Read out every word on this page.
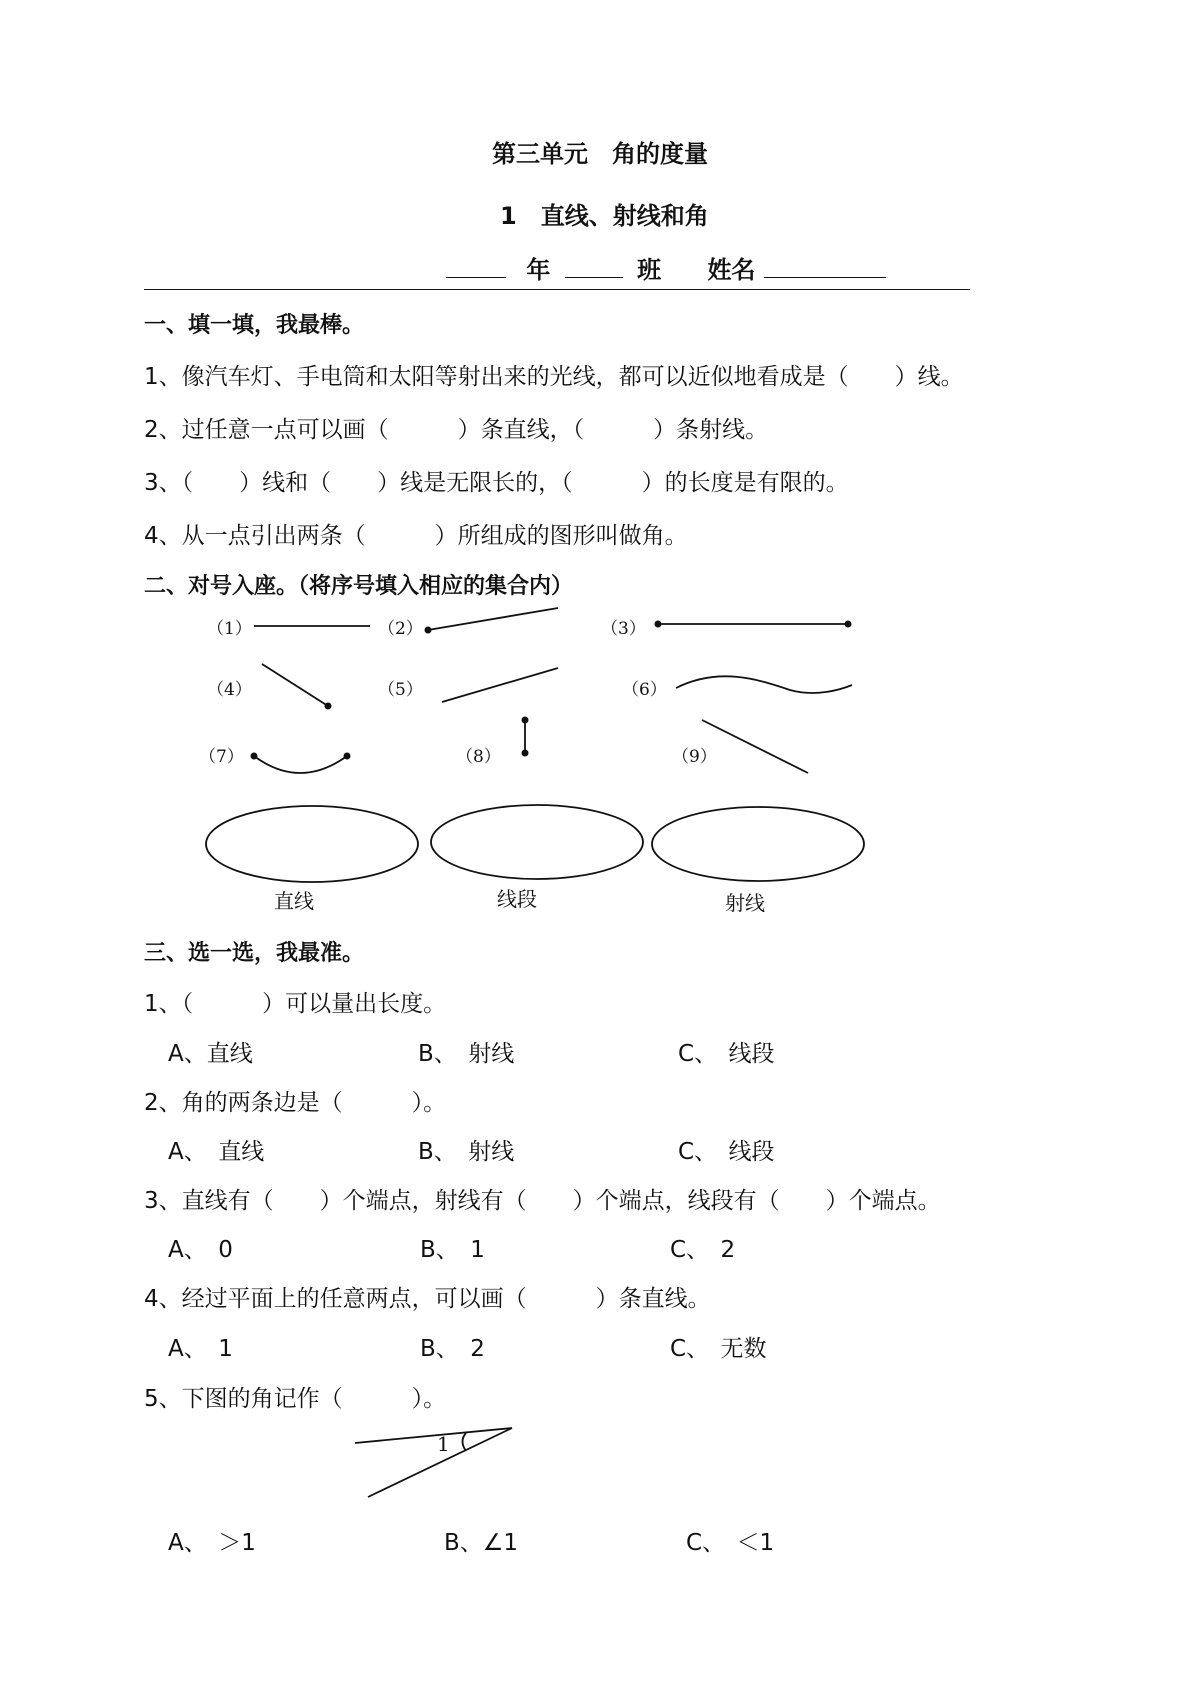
第三单元　角的度量
1　直线、射线和角
年	班 姓名
一、填一填，我最棒。
1、像汽车灯、手电筒和太阳等射出来的光线，都可以近似地看成是（　　）线。
2、过任意一点可以画（　　　）条直线，（　　　）条射线。
3、（　　）线和（　　）线是无限长的，（　　　）的长度是有限的。
4、从一点引出两条（　　　）所组成的图形叫做角。
二、对号入座。（将序号填入相应的集合内）
（1）	（2）	（3）
（4）	（5）	（6）
（7）	（8）	（9）
直线	线段	射线
三、选一选，我最准。
1、（　　　）可以量出长度。
A、直线	B、　射线	C、　线段
2、角的两条边是（　　　）。
A、　直线	B、　射线	C、　线段
3、直线有（　　）个端点，射线有（　　）个端点，线段有（　　）个端点。
A、　0	B、　1	C、　2
4、经过平面上的任意两点，可以画（　　　）条直线。
A、　1	B、　2	C、　无数
5、下图的角记作（　　　）。
1
A、　＞1	B、∠1	C、　＜1
